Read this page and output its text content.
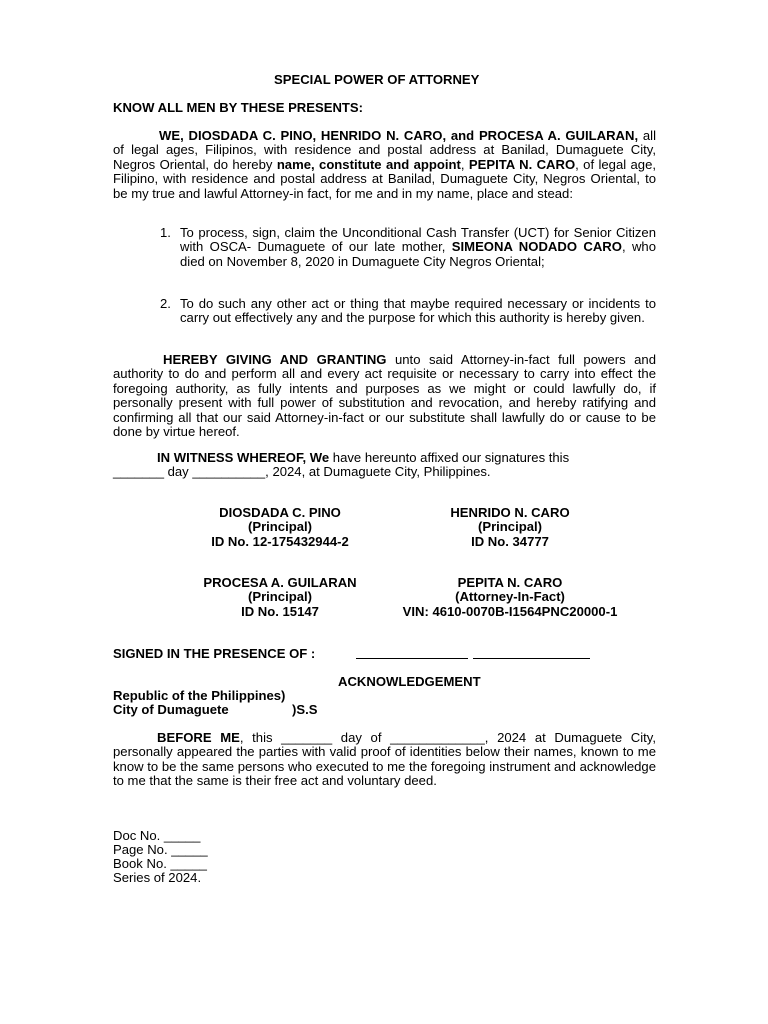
SPECIAL POWER OF ATTORNEY
KNOW ALL MEN BY THESE PRESENTS:
WE, DIOSDADA C. PINO, HENRIDO N. CARO, and PROCESA A. GUILARAN, all of legal ages, Filipinos, with residence and postal address at Banilad, Dumaguete City, Negros Oriental, do hereby name, constitute and appoint, PEPITA N. CARO, of legal age, Filipino, with residence and postal address at Banilad, Dumaguete City, Negros Oriental, to be my true and lawful Attorney-in fact, for me and in my name, place and stead:
1. To process, sign, claim the Unconditional Cash Transfer (UCT) for Senior Citizen with OSCA- Dumaguete of our late mother, SIMEONA NODADO CARO, who died on November 8, 2020 in Dumaguete City Negros Oriental;
2. To do such any other act or thing that maybe required necessary or incidents to carry out effectively any and the purpose for which this authority is hereby given.
HEREBY GIVING AND GRANTING unto said Attorney-in-fact full powers and authority to do and perform all and every act requisite or necessary to carry into effect the foregoing authority, as fully intents and purposes as we might or could lawfully do, if personally present with full power of substitution and revocation, and hereby ratifying and confirming all that our said Attorney-in-fact or our substitute shall lawfully do or cause to be done by virtue hereof.
IN WITNESS WHEREOF, We have hereunto affixed our signatures this
_______ day __________, 2024, at Dumaguete City, Philippines.
DIOSDADA C. PINO
(Principal)
ID No. 12-175432944-2
HENRIDO N. CARO
(Principal)
ID No. 34777
PROCESA A. GUILARAN
(Principal)
ID No. 15147
PEPITA N. CARO
(Attorney-In-Fact)
VIN: 4610-0070B-I1564PNC20000-1
SIGNED IN THE PRESENCE OF :
ACKNOWLEDGEMENT
Republic of the Philippines)
City of Dumaguete	)S.S
BEFORE ME, this _______ day of _____________, 2024 at Dumaguete City, personally appeared the parties with valid proof of identities below their names, known to me know to be the same persons who executed to me the foregoing instrument and acknowledge to me that the same is their free act and voluntary deed.
Doc No. _____
Page No. _____
Book No. _____
Series of 2024.
